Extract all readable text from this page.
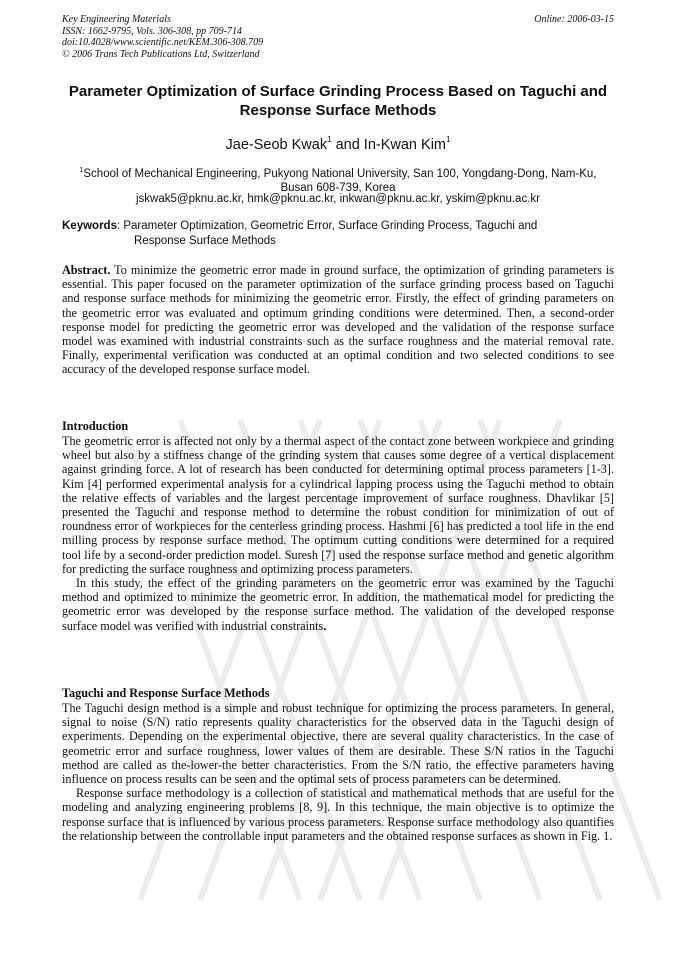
Key Engineering Materials
ISSN: 1662-9795, Vols. 306-308, pp 709-714
doi:10.4028/www.scientific.net/KEM.306-308.709
© 2006 Trans Tech Publications Ltd, Switzerland
Online: 2006-03-15
Parameter Optimization of Surface Grinding Process Based on Taguchi and Response Surface Methods
Jae-Seob Kwak$^1$ and In-Kwan Kim$^1$
$^1$School of Mechanical Engineering, Pukyong National University, San 100, Yongdang-Dong, Nam-Ku, Busan 608-739, Korea
jskwak5@pknu.ac.kr, hmk@pknu.ac.kr, inkwan@pknu.ac.kr, yskim@pknu.ac.kr
Keywords: Parameter Optimization, Geometric Error, Surface Grinding Process, Taguchi and
Response Surface Methods
Abstract. To minimize the geometric error made in ground surface, the optimization of grinding parameters is essential. This paper focused on the parameter optimization of the surface grinding process based on Taguchi and response surface methods for minimizing the geometric error. Firstly, the effect of grinding parameters on the geometric error was evaluated and optimum grinding conditions were determined. Then, a second-order response model for predicting the geometric error was developed and the validation of the response surface model was examined with industrial constraints such as the surface roughness and the material removal rate. Finally, experimental verification was conducted at an optimal condition and two selected conditions to see accuracy of the developed response surface model.
Introduction
The geometric error is affected not only by a thermal aspect of the contact zone between workpiece and grinding wheel but also by a stiffness change of the grinding system that causes some degree of a vertical displacement against grinding force. A lot of research has been conducted for determining optimal process parameters [1-3]. Kim [4] performed experimental analysis for a cylindrical lapping process using the Taguchi method to obtain the relative effects of variables and the largest percentage improvement of surface roughness. Dhavlikar [5] presented the Taguchi and response method to determine the robust condition for minimization of out of roundness error of workpieces for the centerless grinding process. Hashmi [6] has predicted a tool life in the end milling process by response surface method. The optimum cutting conditions were determined for a required tool life by a second-order prediction model. Suresh [7] used the response surface method and genetic algorithm for predicting the surface roughness and optimizing process parameters.
In this study, the effect of the grinding parameters on the geometric error was examined by the Taguchi method and optimized to minimize the geometric error. In addition, the mathematical model for predicting the geometric error was developed by the response surface method. The validation of the developed response surface model was verified with industrial constraints.
Taguchi and Response Surface Methods
The Taguchi design method is a simple and robust technique for optimizing the process parameters. In general, signal to noise (S/N) ratio represents quality characteristics for the observed data in the Taguchi design of experiments. Depending on the experimental objective, there are several quality characteristics. In the case of geometric error and surface roughness, lower values of them are desirable. These S/N ratios in the Taguchi method are called as the-lower-the better characteristics. From the S/N ratio, the effective parameters having influence on process results can be seen and the optimal sets of process parameters can be determined.
Response surface methodology is a collection of statistical and mathematical methods that are useful for the modeling and analyzing engineering problems [8, 9]. In this technique, the main objective is to optimize the response surface that is influenced by various process parameters. Response surface methodology also quantifies the relationship between the controllable input parameters and the obtained response surfaces as shown in Fig. 1.
